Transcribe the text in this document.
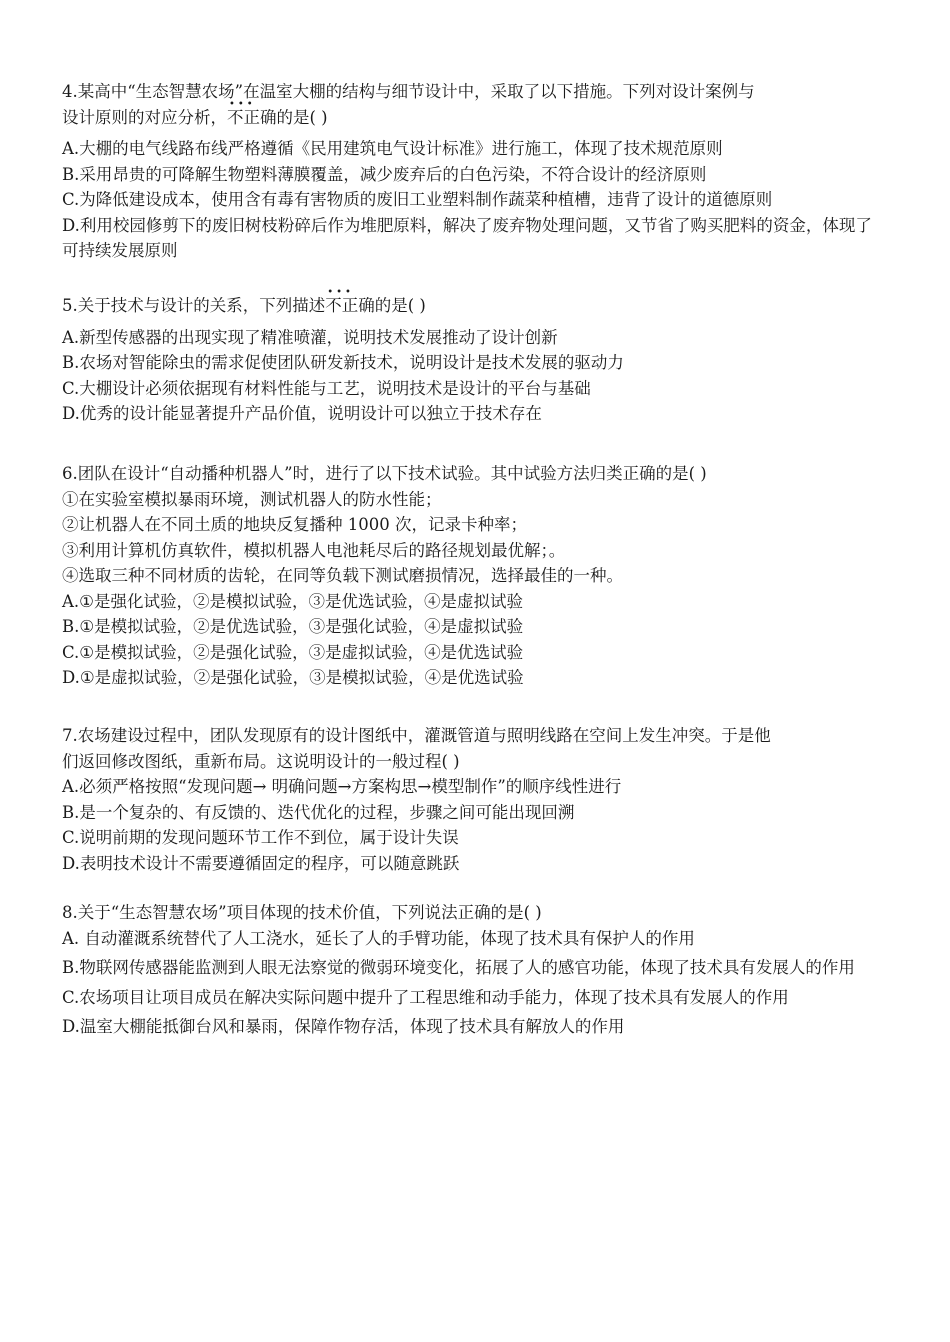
4.某高中“生态智慧农场”在温室大棚的结构与细节设计中，采取了以下措施。下列对设计案例与
设计原则的对应分析，••• 不正确的是( )
A.大棚的电气线路布线严格遵循《民用建筑电气设计标准》进行施工，体现了技术规范原则
B.采用昂贵的可降解生物塑料薄膜覆盖，减少废弃后的白色污染，不符合设计的经济原则
C.为降低建设成本，使用含有毒有害物质的废旧工业塑料制作蔬菜种植槽，违背了设计的道德原则
D.利用校园修剪下的废旧树枝粉碎后作为堆肥原料，解决了废弃物处理问题，又节省了购买肥料的资金，体现了可持续发展原则
5.关于技术与设计的关系，下列描述••• 不正确的是( )
A.新型传感器的出现实现了精准喷灌，说明技术发展推动了设计创新
B.农场对智能除虫的需求促使团队研发新技术，说明设计是技术发展的驱动力
C.大棚设计必须依据现有材料性能与工艺，说明技术是设计的平台与基础
D.优秀的设计能显著提升产品价值，说明设计可以独立于技术存在
6.团队在设计“自动播种机器人”时，进行了以下技术试验。其中试验方法归类正确的是( )
①在实验室模拟暴雨环境，测试机器人的防水性能；
②让机器人在不同土质的地块反复播种 1000 次，记录卡种率；
③利用计算机仿真软件，模拟机器人电池耗尽后的路径规划最优解；。
④选取三种不同材质的齿轮，在同等负载下测试磨损情况，选择最佳的一种。
A.①是强化试验，②是模拟试验，③是优选试验，④是虚拟试验
B.①是模拟试验，②是优选试验，③是强化试验，④是虚拟试验
C.①是模拟试验，②是强化试验，③是虚拟试验，④是优选试验
D.①是虚拟试验，②是强化试验，③是模拟试验，④是优选试验
7.农场建设过程中，团队发现原有的设计图纸中，灌溉管道与照明线路在空间上发生冲突。于是他
们返回修改图纸，重新布局。这说明设计的一般过程( )
A.必须严格按照“发现问题→ 明确问题→方案构思→模型制作”的顺序线性进行
B.是一个复杂的、有反馈的、迭代优化的过程，步骤之间可能出现回溯
C.说明前期的发现问题环节工作不到位，属于设计失误
D.表明技术设计不需要遵循固定的程序，可以随意跳跃
8.关于“生态智慧农场”项目体现的技术价值，下列说法正确的是( )
A. 自动灌溉系统替代了人工浇水，延长了人的手臂功能，体现了技术具有保护人的作用
B.物联网传感器能监测到人眼无法察觉的微弱环境变化，拓展了人的感官功能，体现了技术具有发展人的作用
C.农场项目让项目成员在解决实际问题中提升了工程思维和动手能力，体现了技术具有发展人的作用
D.温室大棚能抵御台风和暴雨，保障作物存活，体现了技术具有解放人的作用
